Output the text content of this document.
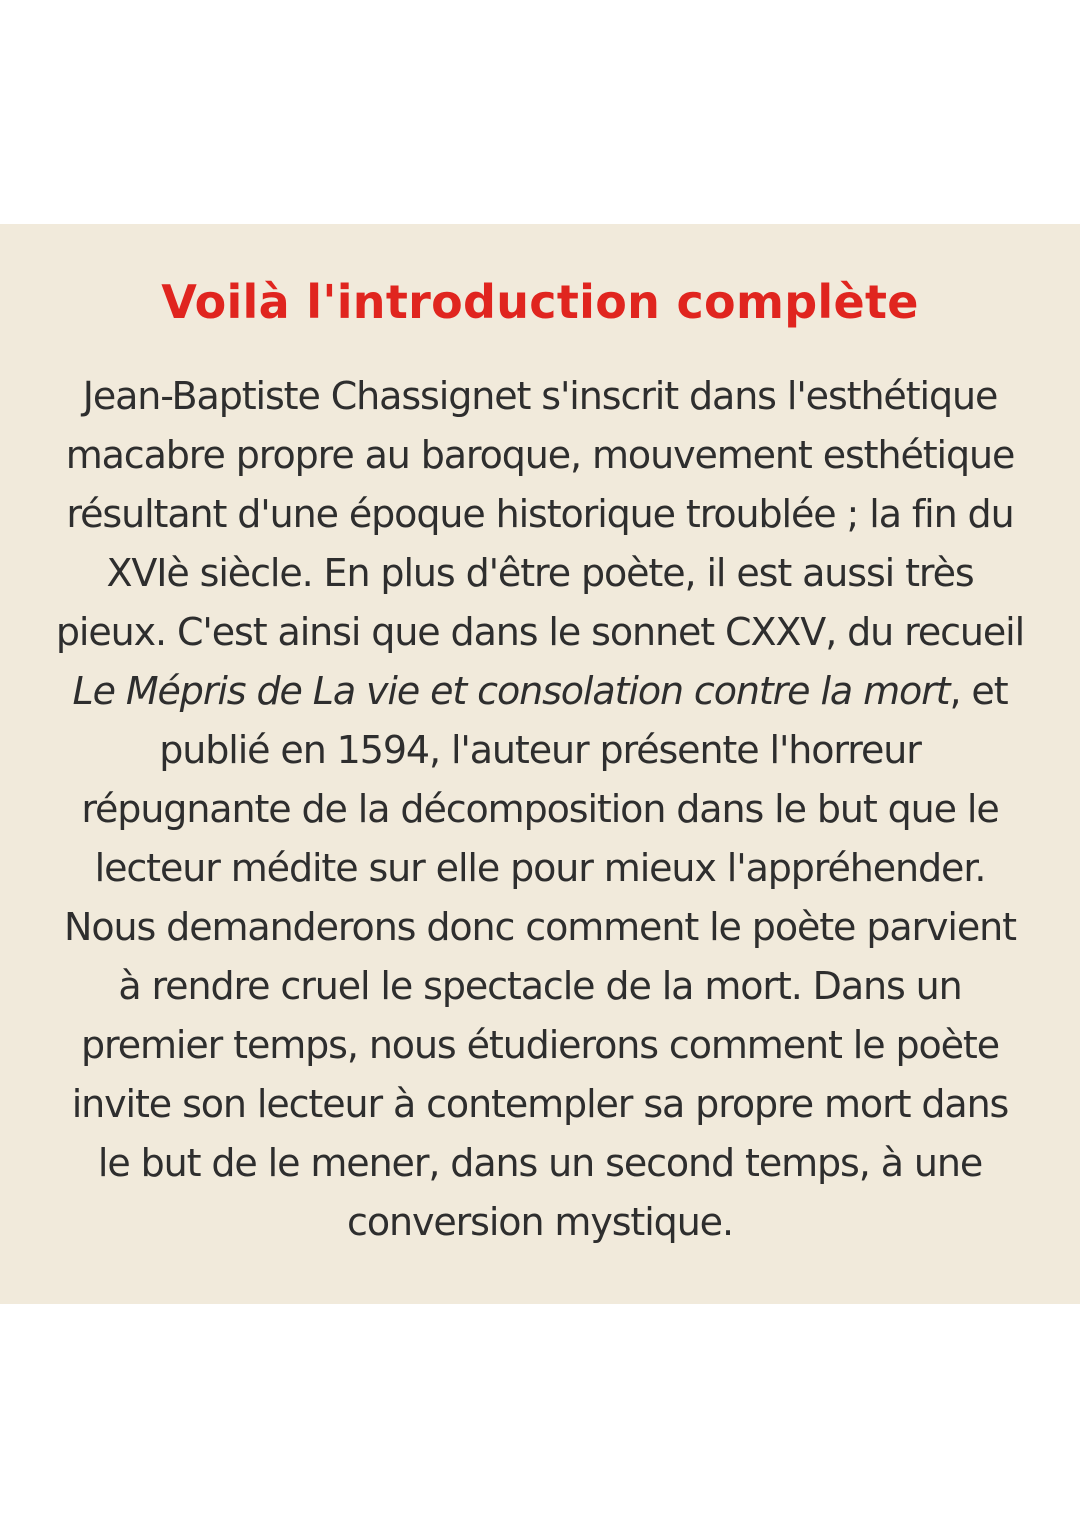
Voilà l'introduction complète

Jean-Baptiste Chassignet s'inscrit dans l'esthétique
macabre propre au baroque, mouvement esthétique
résultant d'une époque historique troublée ; la fin du
XVIè siècle. En plus d'être poète, il est aussi très
pieux. C'est ainsi que dans le sonnet CXXV, du recueil
Le Mépris de La vie et consolation contre la mort, et
publié en 1594, l'auteur présente l'horreur
répugnante de la décomposition dans le but que le
lecteur médite sur elle pour mieux l'appréhender.
Nous demanderons donc comment le poète parvient
à rendre cruel le spectacle de la mort. Dans un
premier temps, nous étudierons comment le poète
invite son lecteur à contempler sa propre mort dans
le but de le mener, dans un second temps, à une
conversion mystique.
